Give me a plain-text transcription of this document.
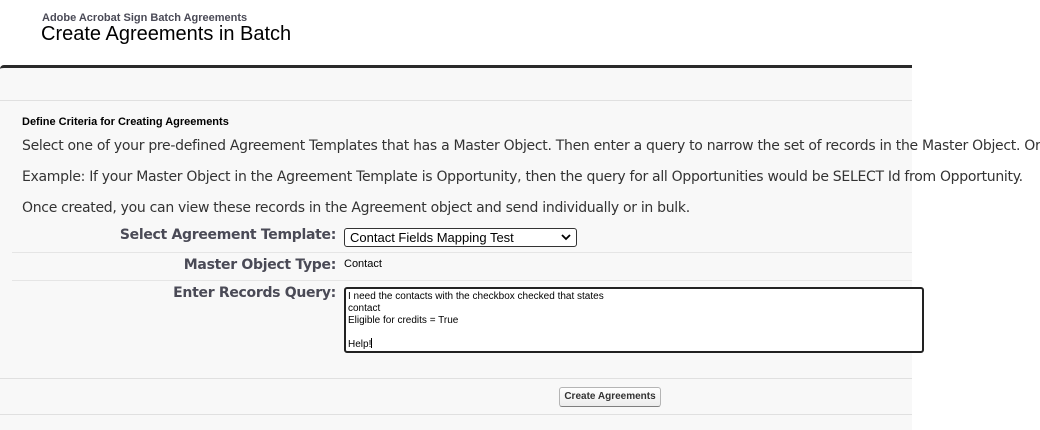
Adobe Acrobat Sign Batch Agreements
Create Agreements in Batch
Define Criteria for Creating Agreements
Select one of your pre-defined Agreement Templates that has a Master Object. Then enter a query to narrow the set of records in the Master Object. Or
Example: If your Master Object in the Agreement Template is Opportunity, then the query for all Opportunities would be SELECT Id from Opportunity.
Once created, you can view these records in the Agreement object and send individually or in bulk.
Select Agreement Template: Contact Fields Mapping Test
Master Object Type: Contact
Enter Records Query: I need the contacts with the checkbox checked that states
contact
Eligible for credits = True
Help!
Create Agreements
